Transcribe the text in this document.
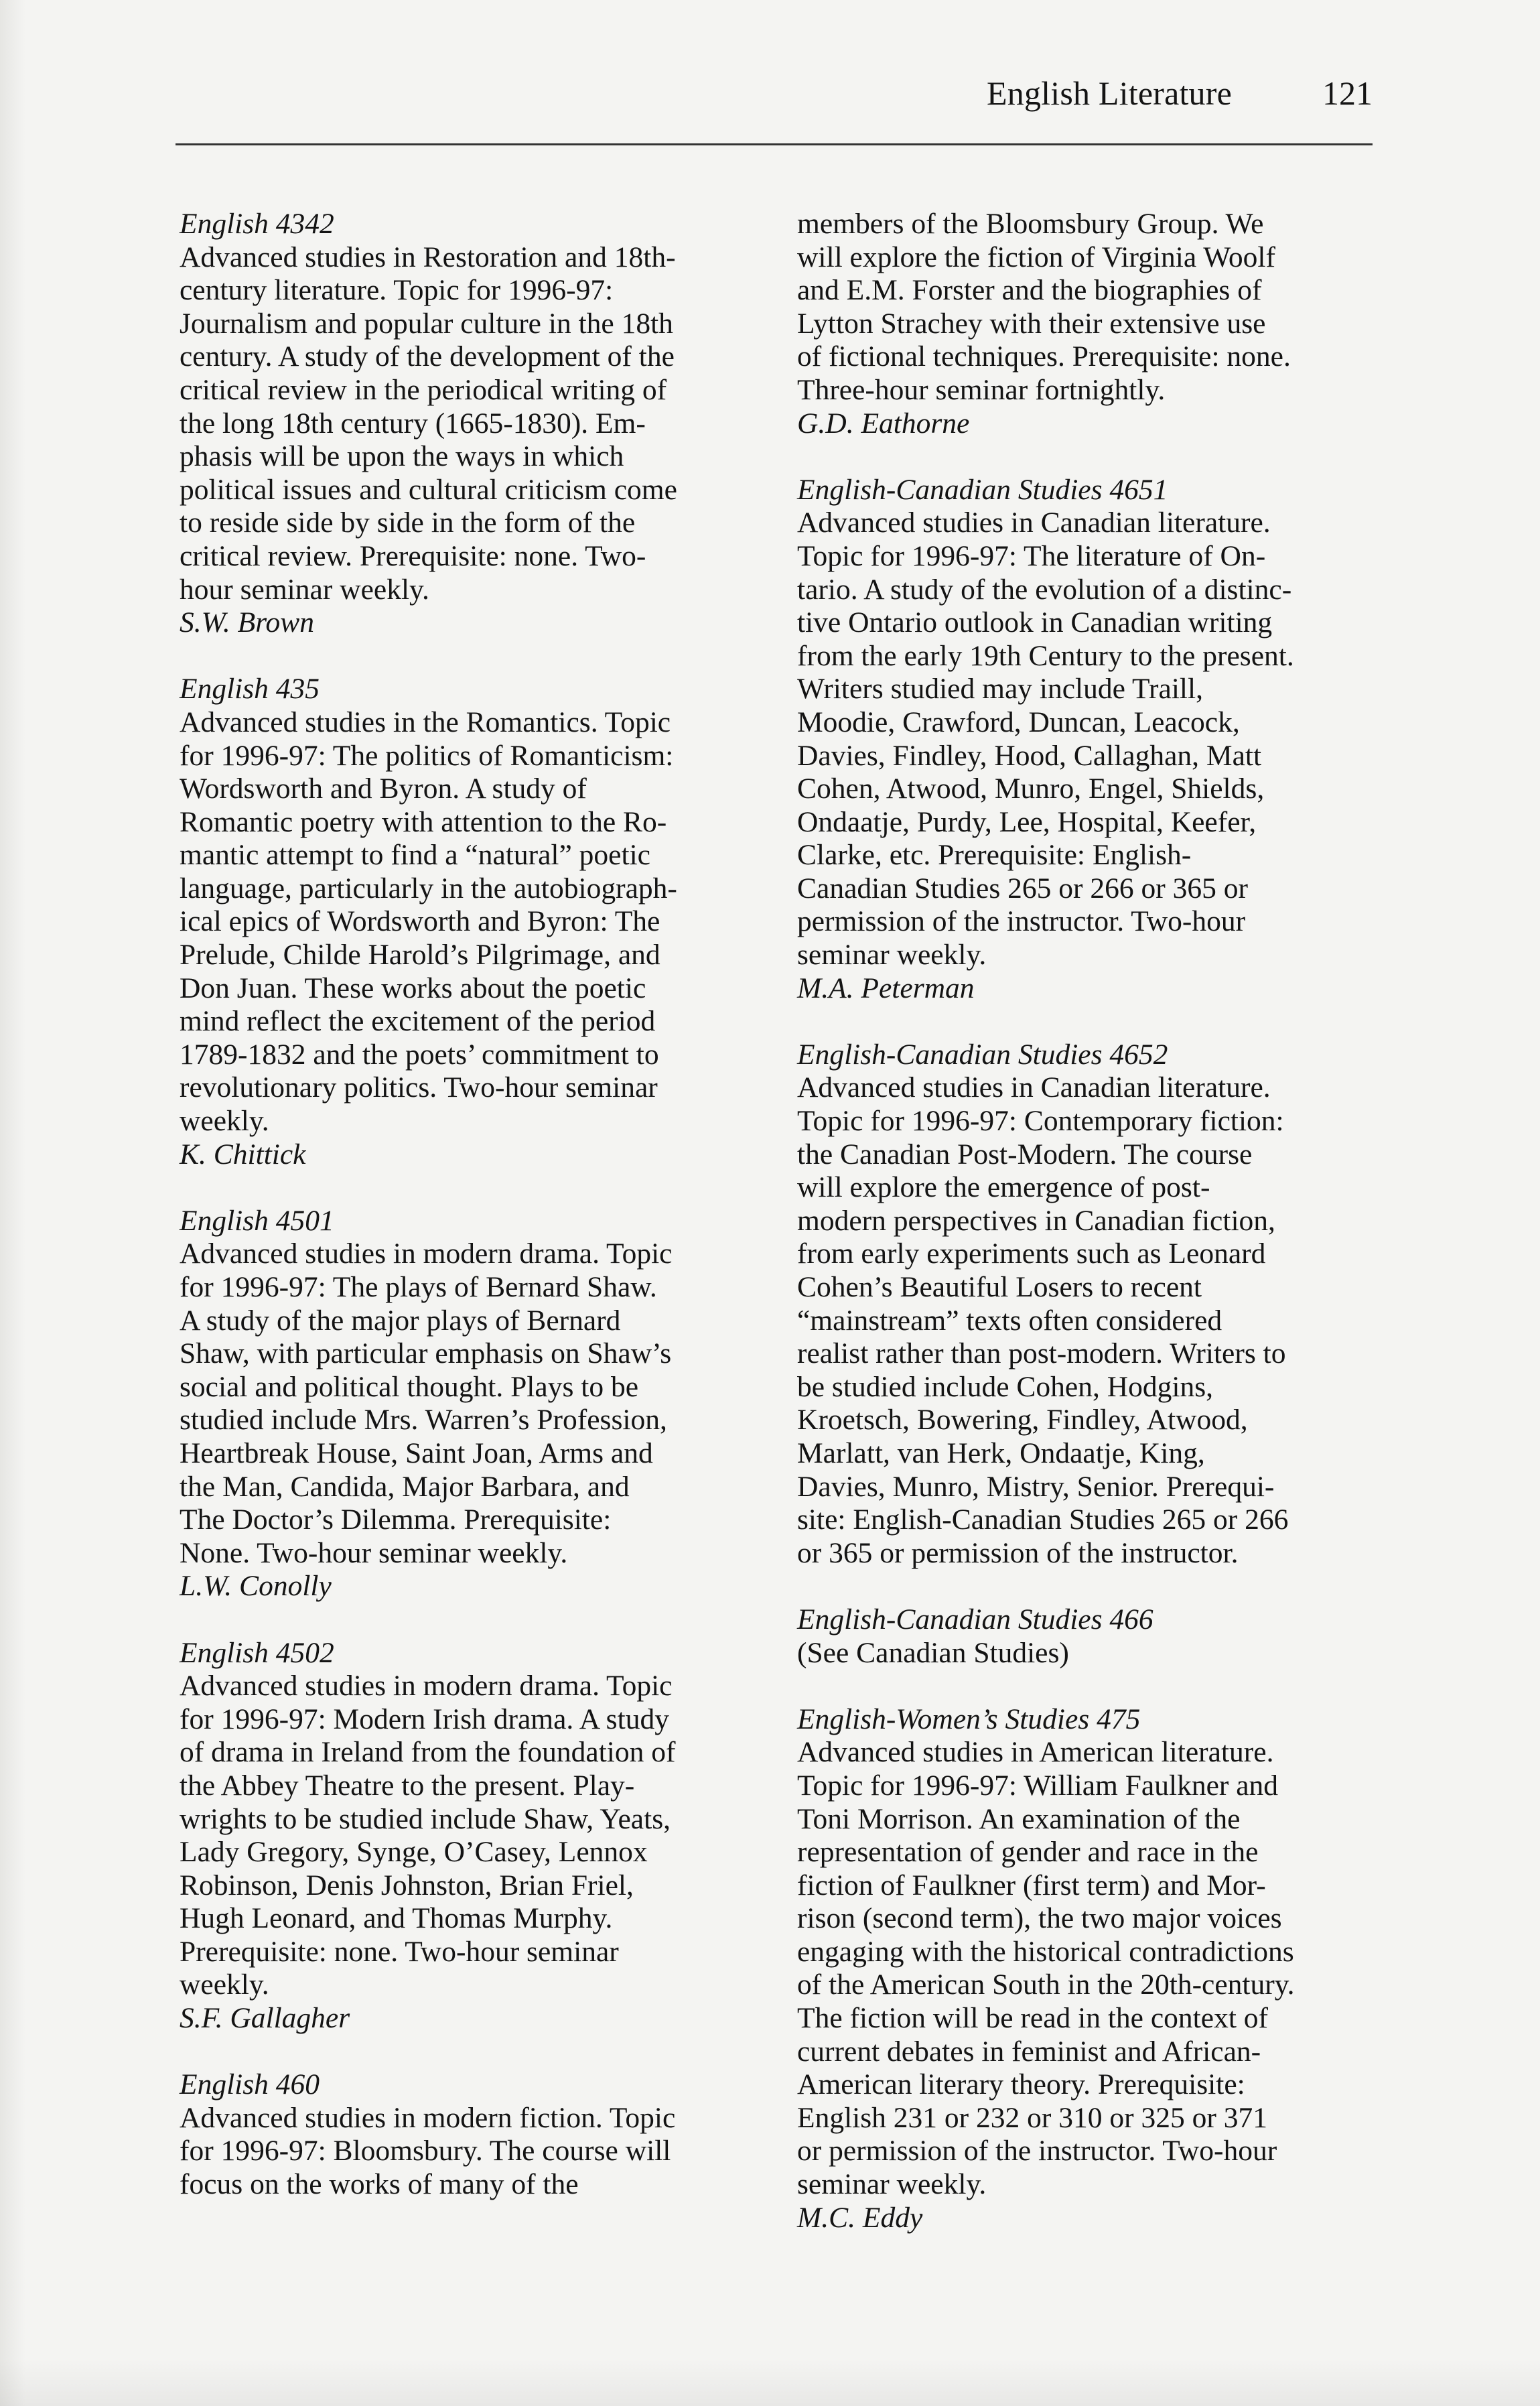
English Literature	121
English 4342
Advanced studies in Restoration and 18th-
century literature. Topic for 1996-97:
Journalism and popular culture in the 18th
century. A study of the development of the
critical review in the periodical writing of
the long 18th century (1665-1830). Em-
phasis will be upon the ways in which
political issues and cultural criticism come
to reside side by side in the form of the
critical review. Prerequisite: none. Two-
hour seminar weekly.
S.W. Brown
English 435
Advanced studies in the Romantics. Topic
for 1996-97: The politics of Romanticism:
Wordsworth and Byron. A study of
Romantic poetry with attention to the Ro-
mantic attempt to find a “natural” poetic
language, particularly in the autobiograph-
ical epics of Wordsworth and Byron: The
Prelude, Childe Harold’s Pilgrimage, and
Don Juan. These works about the poetic
mind reflect the excitement of the period
1789-1832 and the poets’ commitment to
revolutionary politics. Two-hour seminar
weekly.
K. Chittick
English 4501
Advanced studies in modern drama. Topic
for 1996-97: The plays of Bernard Shaw.
A study of the major plays of Bernard
Shaw, with particular emphasis on Shaw’s
social and political thought. Plays to be
studied include Mrs. Warren’s Profession,
Heartbreak House, Saint Joan, Arms and
the Man, Candida, Major Barbara, and
The Doctor’s Dilemma. Prerequisite:
None. Two-hour seminar weekly.
L.W. Conolly
English 4502
Advanced studies in modern drama. Topic
for 1996-97: Modern Irish drama. A study
of drama in Ireland from the foundation of
the Abbey Theatre to the present. Play-
wrights to be studied include Shaw, Yeats,
Lady Gregory, Synge, O’Casey, Lennox
Robinson, Denis Johnston, Brian Friel,
Hugh Leonard, and Thomas Murphy.
Prerequisite: none. Two-hour seminar
weekly.
S.F. Gallagher
English 460
Advanced studies in modern fiction. Topic
for 1996-97: Bloomsbury. The course will
focus on the works of many of the
members of the Bloomsbury Group. We
will explore the fiction of Virginia Woolf
and E.M. Forster and the biographies of
Lytton Strachey with their extensive use
of fictional techniques. Prerequisite: none.
Three-hour seminar fortnightly.
G.D. Eathorne
English-Canadian Studies 4651
Advanced studies in Canadian literature.
Topic for 1996-97: The literature of On-
tario. A study of the evolution of a distinc-
tive Ontario outlook in Canadian writing
from the early 19th Century to the present.
Writers studied may include Traill,
Moodie, Crawford, Duncan, Leacock,
Davies, Findley, Hood, Callaghan, Matt
Cohen, Atwood, Munro, Engel, Shields,
Ondaatje, Purdy, Lee, Hospital, Keefer,
Clarke, etc. Prerequisite: English-
Canadian Studies 265 or 266 or 365 or
permission of the instructor. Two-hour
seminar weekly.
M.A. Peterman
English-Canadian Studies 4652
Advanced studies in Canadian literature.
Topic for 1996-97: Contemporary fiction:
the Canadian Post-Modern. The course
will explore the emergence of post-
modern perspectives in Canadian fiction,
from early experiments such as Leonard
Cohen’s Beautiful Losers to recent
“mainstream” texts often considered
realist rather than post-modern. Writers to
be studied include Cohen, Hodgins,
Kroetsch, Bowering, Findley, Atwood,
Marlatt, van Herk, Ondaatje, King,
Davies, Munro, Mistry, Senior. Prerequi-
site: English-Canadian Studies 265 or 266
or 365 or permission of the instructor.
English-Canadian Studies 466
(See Canadian Studies)
English-Women’s Studies 475
Advanced studies in American literature.
Topic for 1996-97: William Faulkner and
Toni Morrison. An examination of the
representation of gender and race in the
fiction of Faulkner (first term) and Mor-
rison (second term), the two major voices
engaging with the historical contradictions
of the American South in the 20th-century.
The fiction will be read in the context of
current debates in feminist and African-
American literary theory. Prerequisite:
English 231 or 232 or 310 or 325 or 371
or permission of the instructor. Two-hour
seminar weekly.
M.C. Eddy
